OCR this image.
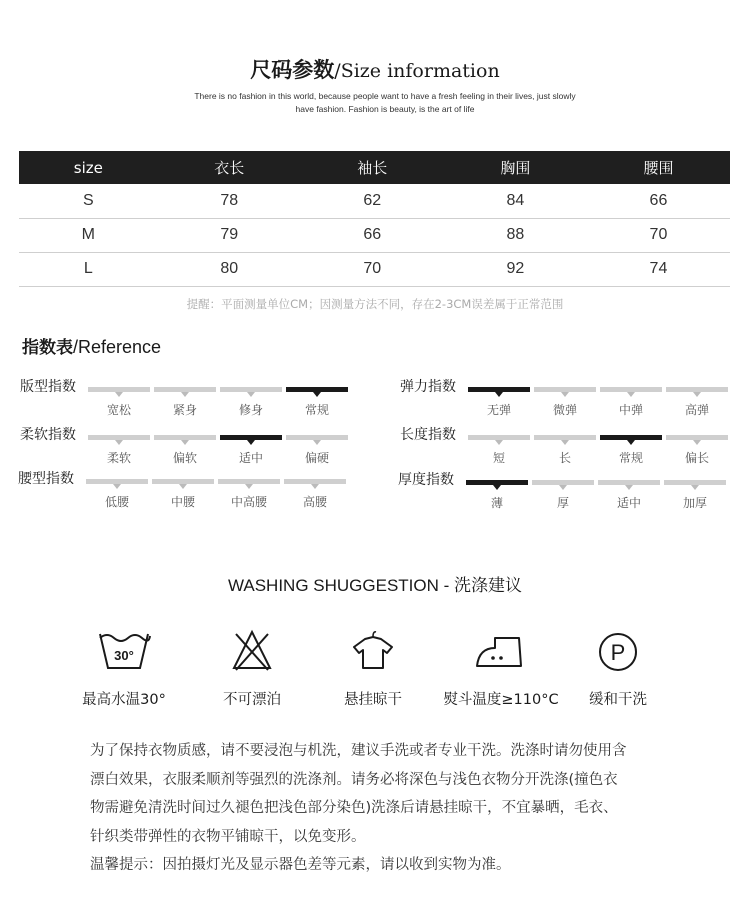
尺码参数/Size information
There is no fashion in this world, because people want to have a fresh feeling in their lives, just slowly
have fashion. Fashion is beauty, is the art of life
size	衣长	袖长	胸围	腰围
S	78	62	84	66
M	79	66	88	70
L	80	70	92	74
提醒：平面测量单位CM；因测量方法不同，存在2-3CM误差属于正常范围
指数表/Reference
版型指数
宽松	紧身	修身	常规
弹力指数
无弹	微弹	中弹	高弹
柔软指数
柔软	偏软	适中	偏硬
长度指数
短	长	常规	偏长
腰型指数
低腰	中腰	中高腰	高腰
厚度指数
薄	厚	适中	加厚
WASHING SHUGGESTION - 洗涤建议
30°
最高水温30°	不可漂泊	悬挂晾干	熨斗温度≥110°C
P
缓和干洗
为了保持衣物质感，请不要浸泡与机洗，建议手洗或者专业干洗。洗涤时请勿使用含
漂白效果，衣服柔顺剂等强烈的洗涤剂。请务必将深色与浅色衣物分开洗涤(撞色衣
物需避免清洗时间过久褪色把浅色部分染色)洗涤后请悬挂晾干，不宜暴晒，毛衣、
针织类带弹性的衣物平铺晾干，以免变形。
温馨提示：因拍摄灯光及显示器色差等元素，请以收到实物为准。
